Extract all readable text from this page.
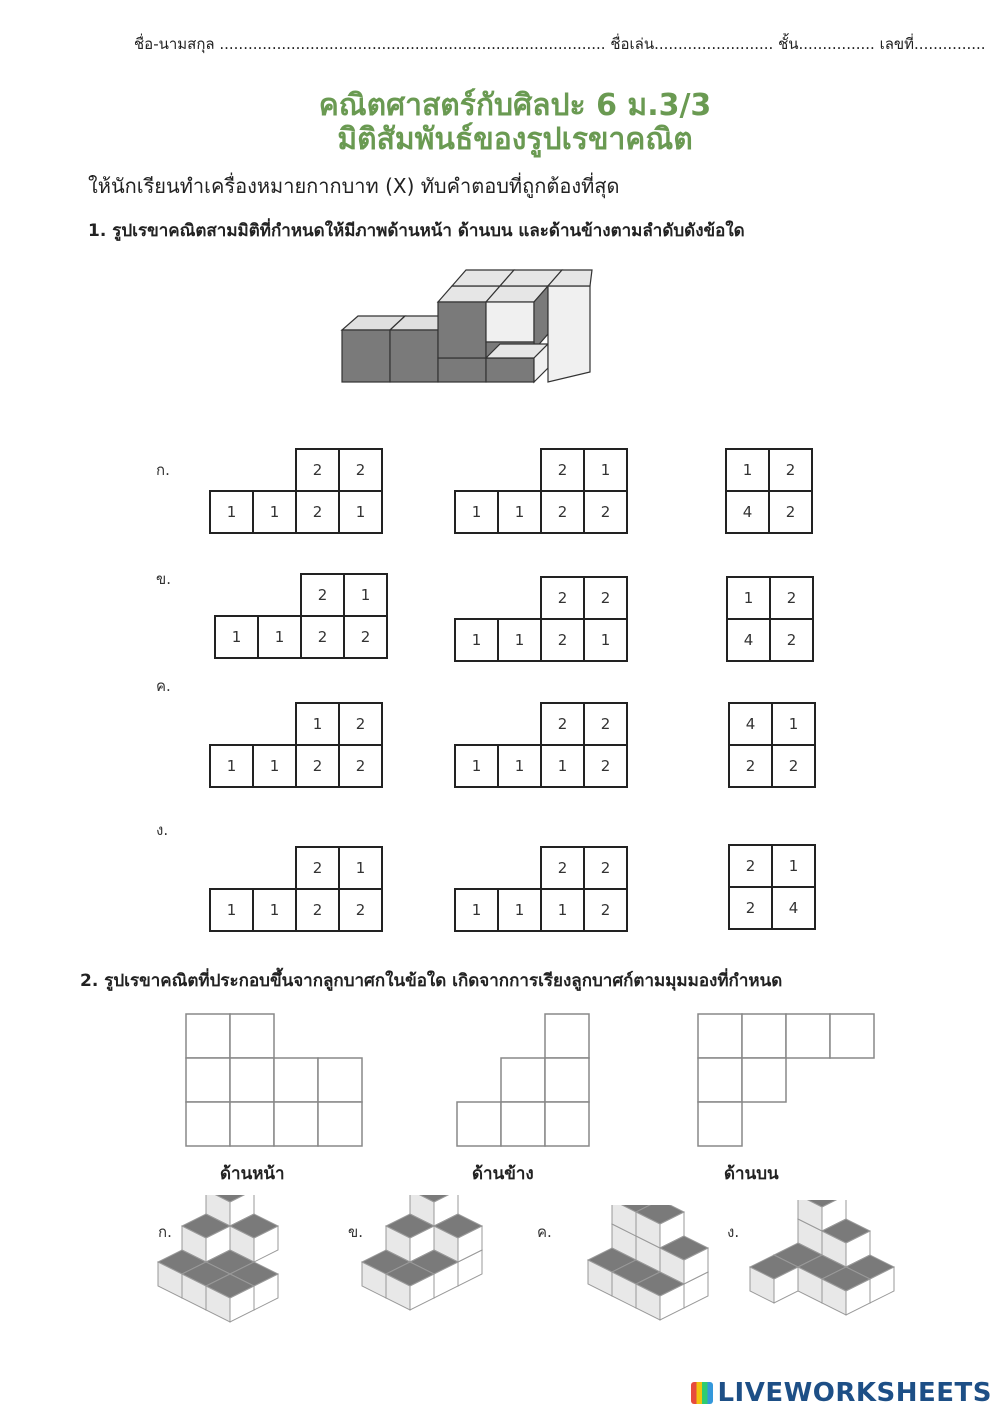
ชื่อ-นามสกุล ................................................................................. ชื่อเล่น......................... ชั้น................ เลขที่...............
คณิตศาสตร์กับศิลปะ 6 ม.3/3
มิติสัมพันธ์ของรูปเรขาคณิต
ให้นักเรียนทำเครื่องหมายกากบาท (X) ทับคำตอบที่ถูกต้องที่สุด
1. รูปเรขาคณิตสามมิติที่กำหนดให้มีภาพด้านหน้า ด้านบน และด้านข้างตามลำดับดังข้อใด
ก.
ข.
ค.
ง.
		2	2
1	1	2	1
		2	1
1	1	2	2
1	2
4	2
		2	1
1	1	2	2
		2	2
1	1	2	1
1	2
4	2
		1	2
1	1	2	2
		2	2
1	1	1	2
4	1
2	2
		2	1
1	1	2	2
		2	2
1	1	1	2
2	1
2	4
2. รูปเรขาคณิตที่ประกอบขึ้นจากลูกบาศกในข้อใด เกิดจากการเรียงลูกบาศก์ตามมุมมองที่กำหนด
ด้านหน้า	ด้านข้าง	ด้านบน
ก.	ข.	ค.	ง.
LIVEWORKSHEETS
